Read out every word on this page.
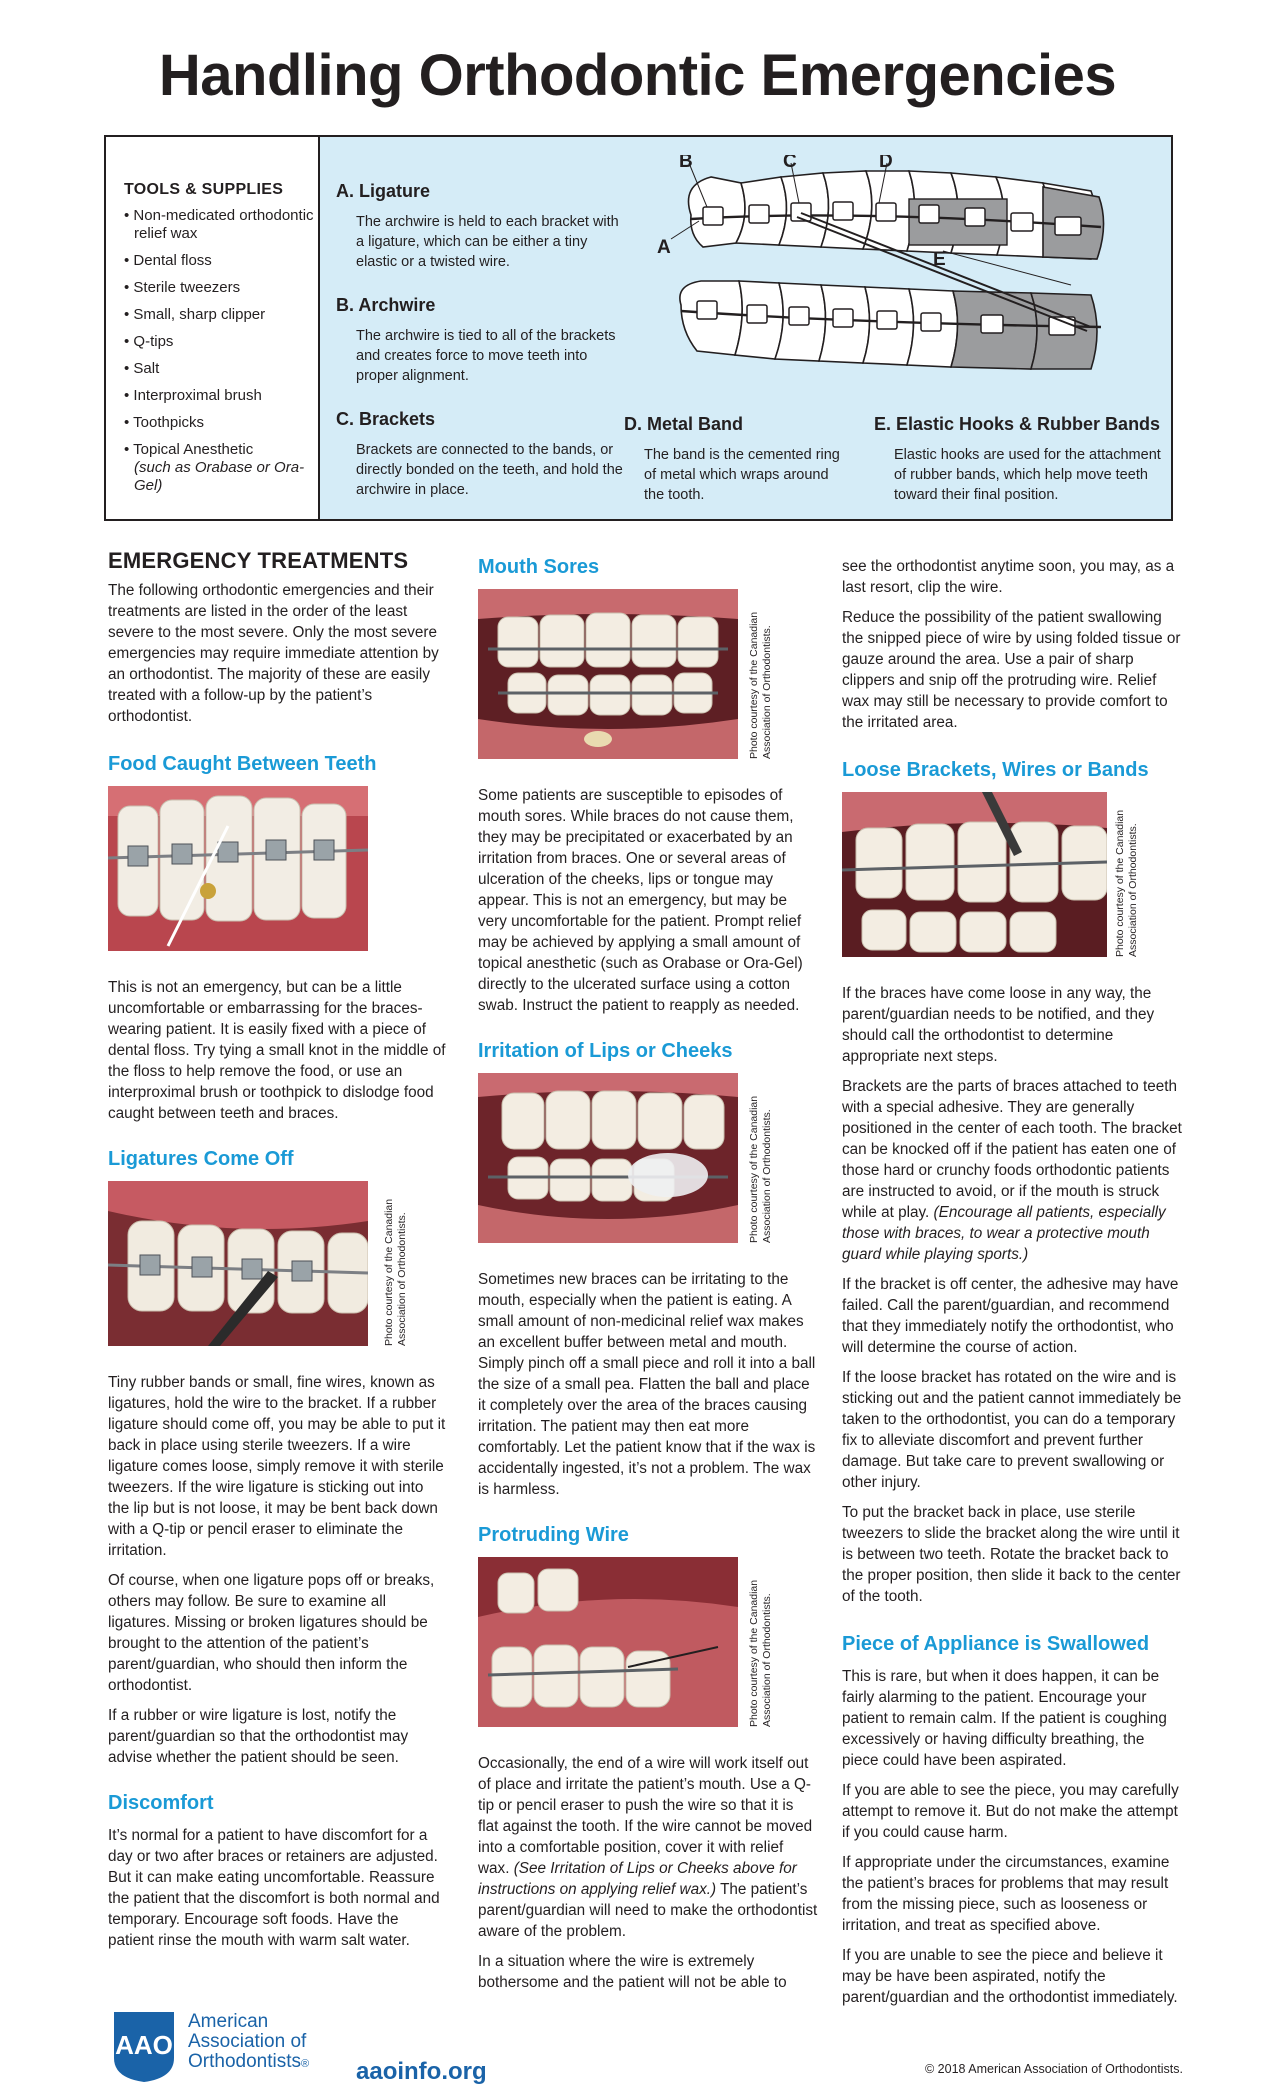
Handling Orthodontic Emergencies
TOOLS & SUPPLIES
• Non-medicated orthodontic relief wax
• Dental floss
• Sterile tweezers
• Small, sharp clipper
• Q-tips
• Salt
• Interproximal brush
• Toothpicks
• Topical Anesthetic
(such as Orabase or Ora-Gel)
A. Ligature

The archwire is held to each bracket with a ligature, which can be either a tiny elastic or a twisted wire.

B. Archwire

The archwire is tied to all of the brackets and creates force to move teeth into proper alignment.

C. Brackets

Brackets are connected to the bands, or directly bonded on the teeth, and hold the archwire in place.

D. Metal Band

The band is the cemented ring of metal which wraps around the tooth.

E. Elastic Hooks & Rubber Bands

Elastic hooks are used for the attachment of rubber bands, which help move teeth toward their final position.

B	C	D
A
E
EMERGENCY TREATMENTS

The following orthodontic emergencies and their treatments are listed in the order of the least severe to the most severe. Only the most severe emergencies may require immediate attention by an orthodontist. The majority of these are easily treated with a follow-up by the patient’s orthodontist.

Food Caught Between Teeth

This is not an emergency, but can be a little uncomfortable or embarrassing for the braces-wearing patient. It is easily fixed with a piece of dental floss. Try tying a small knot in the middle of the floss to help remove the food, or use an interproximal brush or toothpick to dislodge food caught between teeth and braces.

Ligatures Come Off
Photo courtesy of the Canadian Association of Orthodontists.

Tiny rubber bands or small, fine wires, known as ligatures, hold the wire to the bracket. If a rubber ligature should come off, you may be able to put it back in place using sterile tweezers. If a wire ligature comes loose, simply remove it with sterile tweezers. If the wire ligature is sticking out into the lip but is not loose, it may be bent back down with a Q-tip or pencil eraser to eliminate the irritation.

Of course, when one ligature pops off or breaks, others may follow. Be sure to examine all ligatures. Missing or broken ligatures should be brought to the attention of the patient’s parent/guardian, who should then inform the orthodontist.

If a rubber or wire ligature is lost, notify the parent/guardian so that the orthodontist may advise whether the patient should be seen.

Discomfort

It’s normal for a patient to have discomfort for a day or two after braces or retainers are adjusted. But it can make eating uncomfortable. Reassure the patient that the discomfort is both normal and temporary. Encourage soft foods. Have the patient rinse the mouth with warm salt water.

Mouth Sores
Photo courtesy of the Canadian Association of Orthodontists.

Some patients are susceptible to episodes of mouth sores. While braces do not cause them, they may be precipitated or exacerbated by an irritation from braces. One or several areas of ulceration of the cheeks, lips or tongue may appear. This is not an emergency, but may be very uncomfortable for the patient. Prompt relief may be achieved by applying a small amount of topical anesthetic (such as Orabase or Ora-Gel) directly to the ulcerated surface using a cotton swab. Instruct the patient to reapply as needed.

Irritation of Lips or Cheeks
Photo courtesy of the Canadian Association of Orthodontists.

Sometimes new braces can be irritating to the mouth, especially when the patient is eating. A small amount of non-medicinal relief wax makes an excellent buffer between metal and mouth. Simply pinch off a small piece and roll it into a ball the size of a small pea. Flatten the ball and place it completely over the area of the braces causing irritation. The patient may then eat more comfortably. Let the patient know that if the wax is accidentally ingested, it’s not a problem. The wax is harmless.

Protruding Wire
Photo courtesy of the Canadian Association of Orthodontists.

Occasionally, the end of a wire will work itself out of place and irritate the patient’s mouth. Use a Q-tip or pencil eraser to push the wire so that it is flat against the tooth. If the wire cannot be moved into a comfortable position, cover it with relief wax. (See Irritation of Lips or Cheeks above for instructions on applying relief wax.) The patient’s parent/guardian will need to make the orthodontist aware of the problem.

In a situation where the wire is extremely bothersome and the patient will not be able to

see the orthodontist anytime soon, you may, as a last resort, clip the wire.

Reduce the possibility of the patient swallowing the snipped piece of wire by using folded tissue or gauze around the area. Use a pair of sharp clippers and snip off the protruding wire. Relief wax may still be necessary to provide comfort to the irritated area.

Loose Brackets, Wires or Bands
Photo courtesy of the Canadian Association of Orthodontists.

If the braces have come loose in any way, the parent/guardian needs to be notified, and they should call the orthodontist to determine appropriate next steps.

Brackets are the parts of braces attached to teeth with a special adhesive. They are generally positioned in the center of each tooth. The bracket can be knocked off if the patient has eaten one of those hard or crunchy foods orthodontic patients are instructed to avoid, or if the mouth is struck while at play. (Encourage all patients, especially those with braces, to wear a protective mouth guard while playing sports.)

If the bracket is off center, the adhesive may have failed. Call the parent/guardian, and recommend that they immediately notify the orthodontist, who will determine the course of action.

If the loose bracket has rotated on the wire and is sticking out and the patient cannot immediately be taken to the orthodontist, you can do a temporary fix to alleviate discomfort and prevent further damage. But take care to prevent swallowing or other injury.

To put the bracket back in place, use sterile tweezers to slide the bracket along the wire until it is between two teeth. Rotate the bracket back to the proper position, then slide it back to the center of the tooth.

Piece of Appliance is Swallowed

This is rare, but when it does happen, it can be fairly alarming to the patient. Encourage your patient to remain calm. If the patient is coughing excessively or having difficulty breathing, the piece could have been aspirated.

If you are able to see the piece, you may carefully attempt to remove it. But do not make the attempt if you could cause harm.

If appropriate under the circumstances, examine the patient’s braces for problems that may result from the missing piece, such as looseness or irritation, and treat as specified above.

If you are unable to see the piece and believe it may be have been aspirated, notify the parent/guardian and the orthodontist immediately.

AAO
American
Association of
Orthodontists® aaoinfo.org	© 2018 American Association of Orthodontists.
